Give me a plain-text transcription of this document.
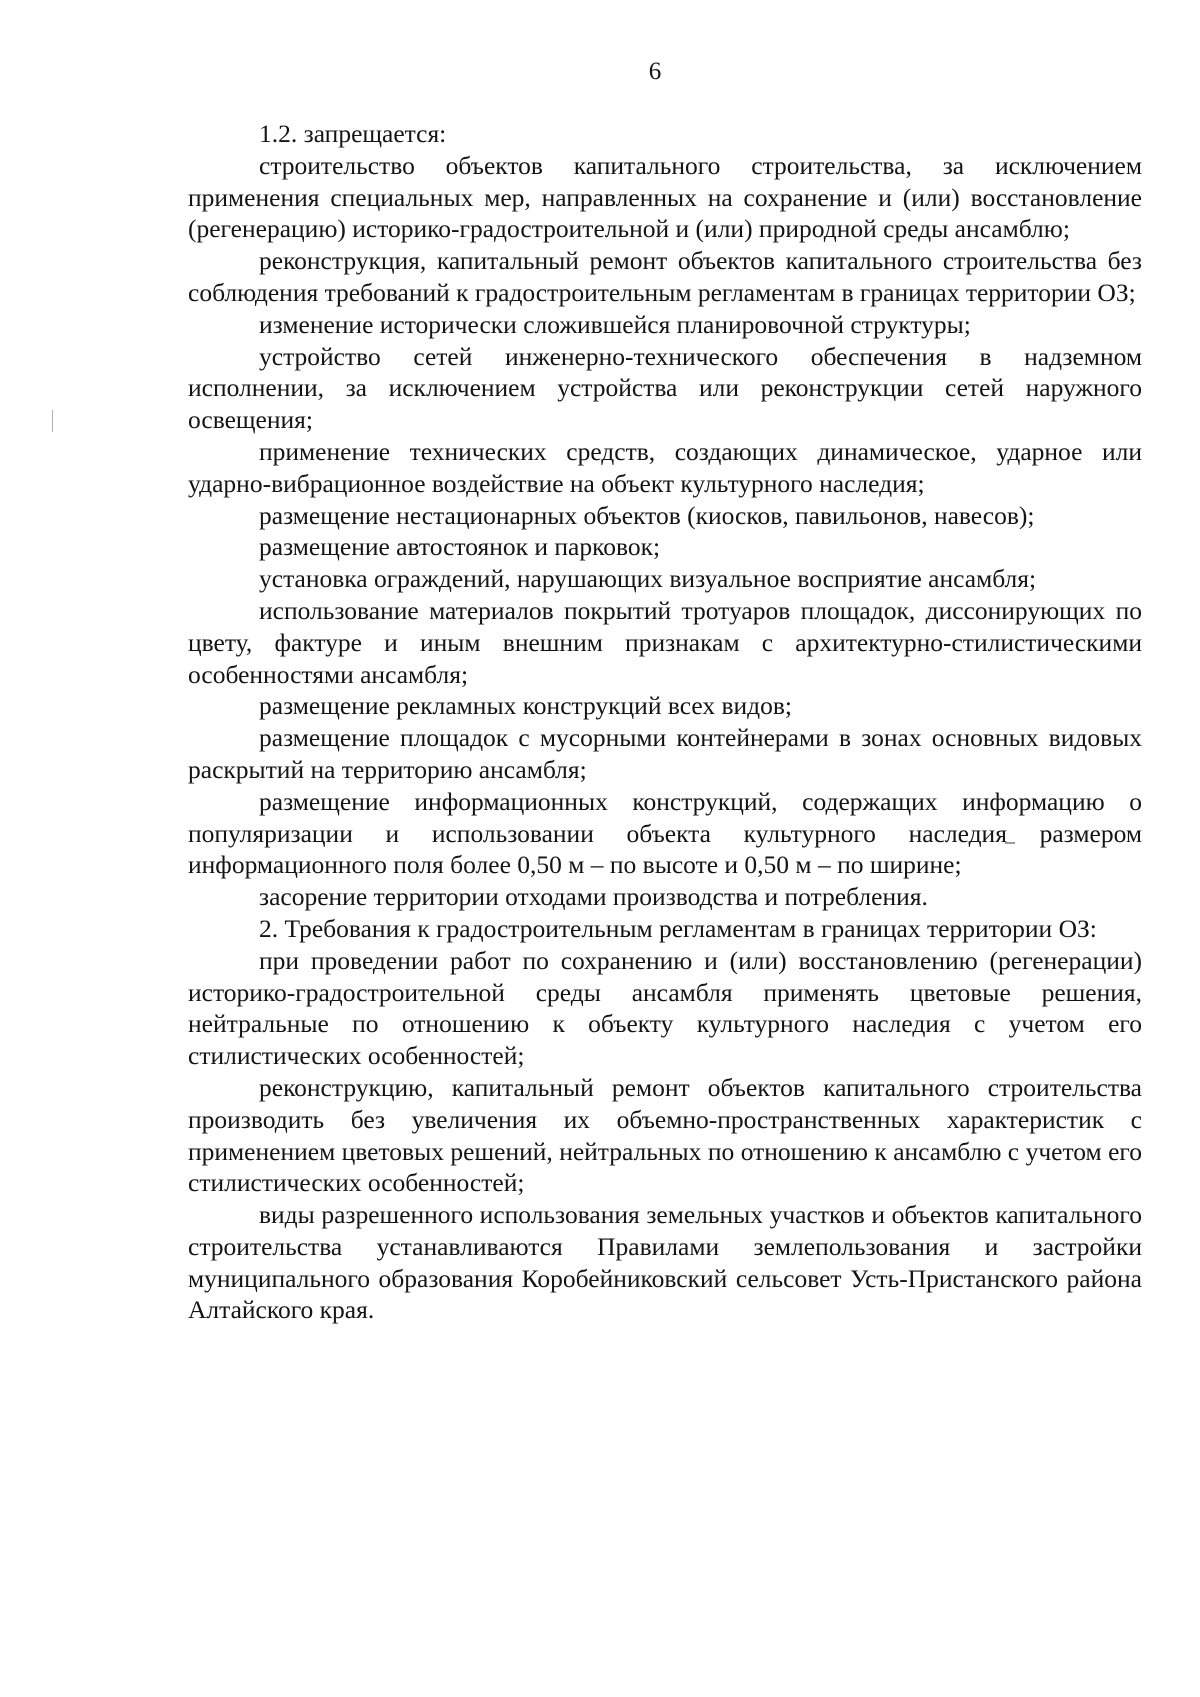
6

1.2. запрещается:

строительство объектов капитального строительства, за исключением применения специальных мер, направленных на сохранение и (или) восстановление (регенерацию) историко-градостроительной и (или) природной среды ансамблю;

реконструкция, капитальный ремонт объектов капитального строительства без соблюдения требований к градостроительным регламентам в границах территории ОЗ;

изменение исторически сложившейся планировочной структуры;

устройство сетей инженерно-технического обеспечения в надземном исполнении, за исключением устройства или реконструкции сетей наружного освещения;

применение технических средств, создающих динамическое, ударное или ударно-вибрационное воздействие на объект культурного наследия;

размещение нестационарных объектов (киосков, павильонов, навесов);

размещение автостоянок и парковок;

установка ограждений, нарушающих визуальное восприятие ансамбля;

использование материалов покрытий тротуаров площадок, диссонирующих по цвету, фактуре и иным внешним признакам с архитектурно-стилистическими особенностями ансамбля;

размещение рекламных конструкций всех видов;

размещение площадок с мусорными контейнерами в зонах основных видовых раскрытий на территорию ансамбля;

размещение информационных конструкций, содержащих информацию о популяризации и использовании объекта культурного наследия размером информационного поля более 0,50 м – по высоте и 0,50 м – по ширине;

засорение территории отходами производства и потребления.

2. Требования к градостроительным регламентам в границах территории ОЗ:

при проведении работ по сохранению и (или) восстановлению (регенерации) историко-градостроительной среды ансамбля применять цветовые решения, нейтральные по отношению к объекту культурного наследия с учетом его стилистических особенностей;

реконструкцию, капитальный ремонт объектов капитального строительства производить без увеличения их объемно-пространственных характеристик с применением цветовых решений, нейтральных по отношению к ансамблю с учетом его стилистических особенностей;

виды разрешенного использования земельных участков и объектов капитального строительства устанавливаются Правилами землепользования и застройки муниципального образования Коробейниковский сельсовет Усть-Пристанского района Алтайского края.
